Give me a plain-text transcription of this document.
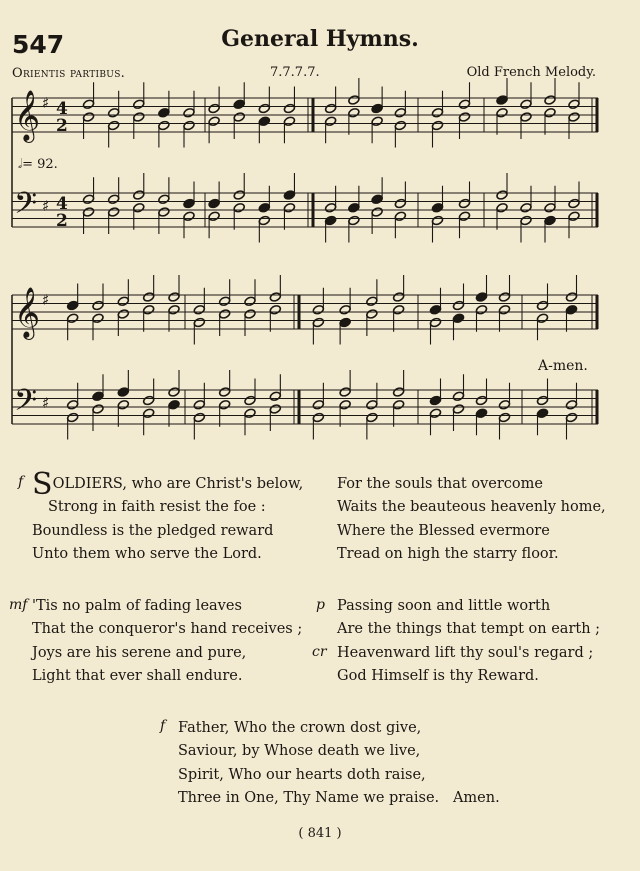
547	General Hymns.
Orientis partibus.	7.7.7.7.	Old French Melody.
𝄞
𝄢
♯
♯
4
2
4
2
𝄞
𝄢
♯
♯
𝅗𝅥= 92.
A-men.
f SOLDIERS, who are Christ's below,
Strong in faith resist the foe :
Boundless is the pledged reward
Unto them who serve the Lord.
For the souls that overcome
Waits the beauteous heavenly home,
Where the Blessed evermore
Tread on high the starry floor.
mf 'Tis no palm of fading leaves
That the conqueror's hand receives ;
Joys are his serene and pure,
Light that ever shall endure.
p
cr
Passing soon and little worth
Are the things that tempt on earth ;
Heavenward lift thy soul's regard ;
God Himself is thy Reward.
f Father, Who the crown dost give,
Saviour, by Whose death we live,
Spirit, Who our hearts doth raise,
Three in One, Thy Name we praise.   Amen.
( 841 )
